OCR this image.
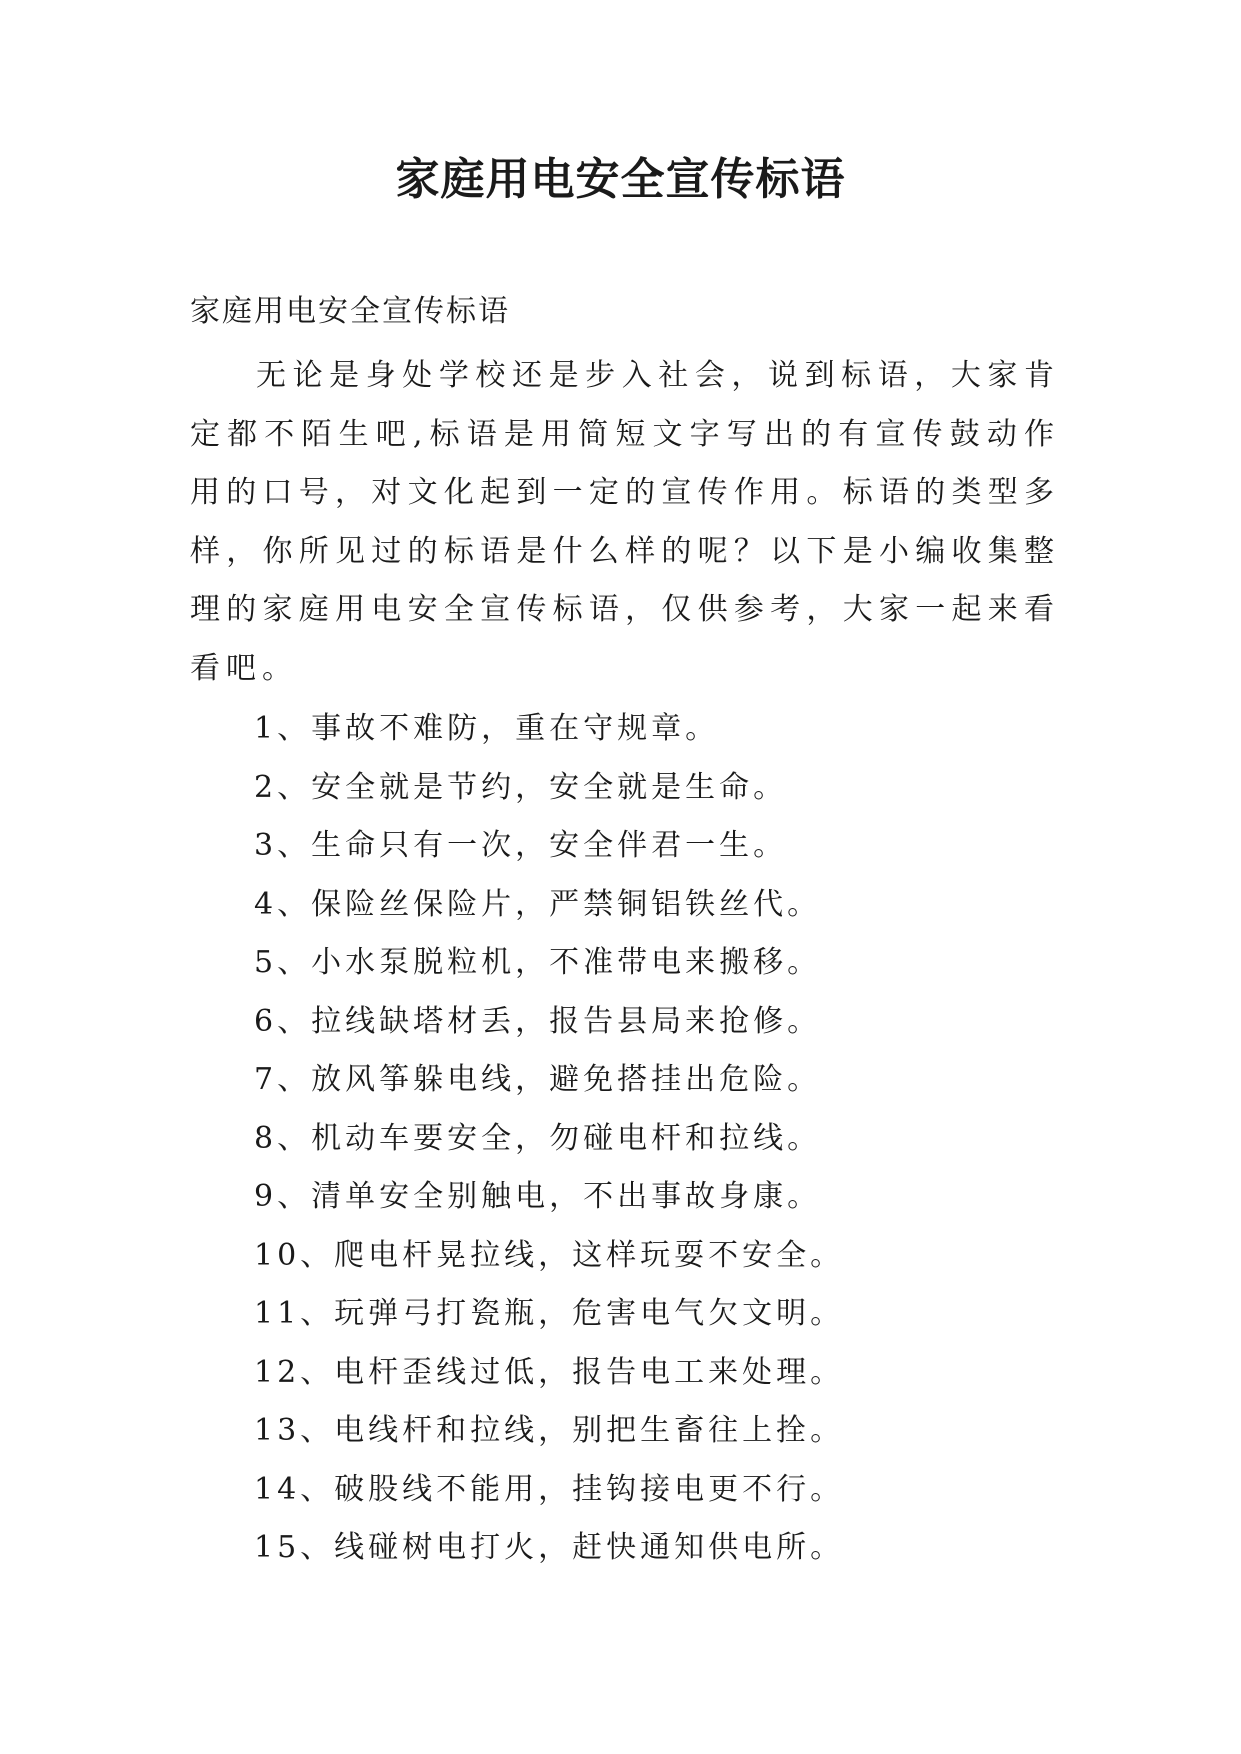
家庭用电安全宣传标语

家庭用电安全宣传标语

无论是身处学校还是步入社会，说到标语，大家肯定都不陌生吧,标语是用简短文字写出的有宣传鼓动作用的口号，对文化起到一定的宣传作用。标语的类型多样，你所见过的标语是什么样的呢？以下是小编收集整理的家庭用电安全宣传标语，仅供参考，大家一起来看看吧。

1、事故不难防，重在守规章。
2、安全就是节约，安全就是生命。
3、生命只有一次，安全伴君一生。
4、保险丝保险片，严禁铜铝铁丝代。
5、小水泵脱粒机，不准带电来搬移。
6、拉线缺塔材丢，报告县局来抢修。
7、放风筝躲电线，避免搭挂出危险。
8、机动车要安全，勿碰电杆和拉线。
9、清单安全别触电，不出事故身康。
10、爬电杆晃拉线，这样玩耍不安全。
11、玩弹弓打瓷瓶，危害电气欠文明。
12、电杆歪线过低，报告电工来处理。
13、电线杆和拉线，别把生畜往上拴。
14、破股线不能用，挂钩接电更不行。
15、线碰树电打火，赶快通知供电所。
